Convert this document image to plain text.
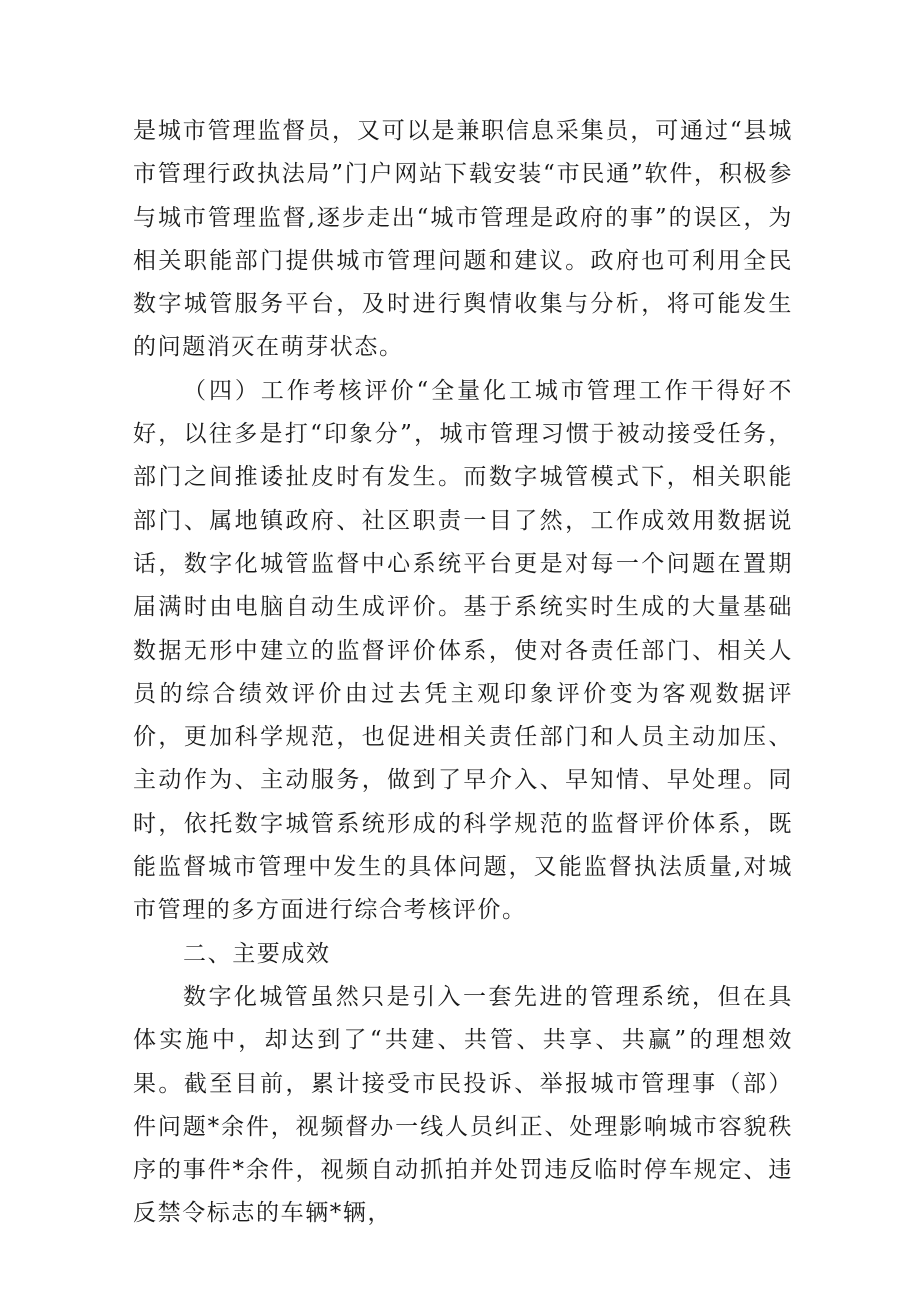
是城市管理监督员，又可以是兼职信息采集员，可通过“县城市管理行政执法局”门户网站下载安装“市民通”软件，积极参与城市管理监督,逐步走出“城市管理是政府的事”的误区，为相关职能部门提供城市管理问题和建议。政府也可利用全民数字城管服务平台，及时进行舆情收集与分析，将可能发生的问题消灭在萌芽状态。

（四）工作考核评价“全量化工城市管理工作干得好不好，以往多是打“印象分”，城市管理习惯于被动接受任务，部门之间推诿扯皮时有发生。而数字城管模式下，相关职能部门、属地镇政府、社区职责一目了然，工作成效用数据说话，数字化城管监督中心系统平台更是对每一个问题在置期届满时由电脑自动生成评价。基于系统实时生成的大量基础数据无形中建立的监督评价体系，使对各责任部门、相关人员的综合绩效评价由过去凭主观印象评价变为客观数据评价，更加科学规范，也促进相关责任部门和人员主动加压、主动作为、主动服务，做到了早介入、早知情、早处理。同时，依托数字城管系统形成的科学规范的监督评价体系，既能监督城市管理中发生的具体问题，又能监督执法质量,对城市管理的多方面进行综合考核评价。

二、主要成效

数字化城管虽然只是引入一套先进的管理系统，但在具体实施中，却达到了“共建、共管、共享、共赢”的理想效果。截至目前，累计接受市民投诉、举报城市管理事（部）件问题*余件，视频督办一线人员纠正、处理影响城市容貌秩序的事件*余件，视频自动抓拍并处罚违反临时停车规定、违反禁令标志的车辆*辆，
